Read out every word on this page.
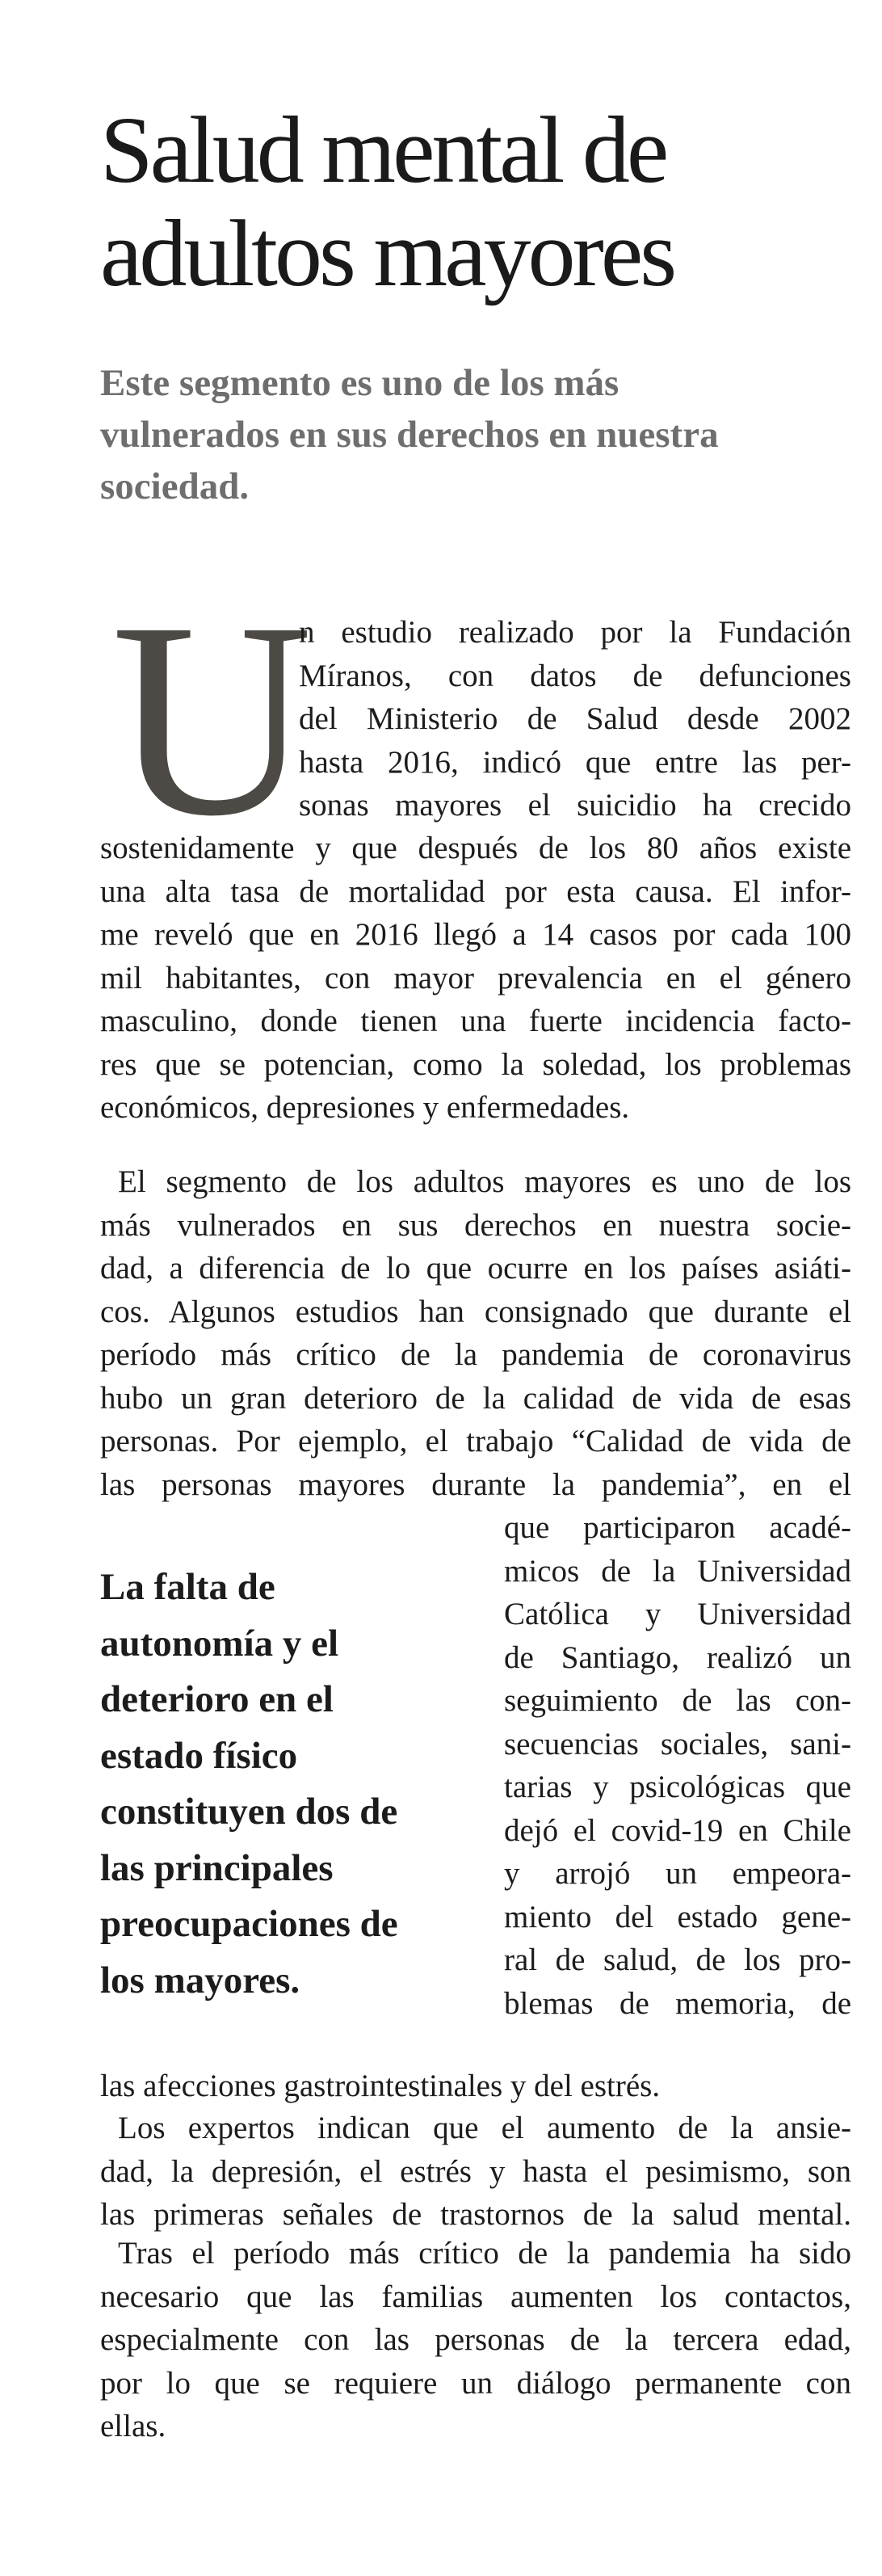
Salud mental de
adultos mayores
Este segmento es uno de los más
vulnerados en sus derechos en nuestra
sociedad.
U
n estudio realizado por la Fundación
Míranos, con datos de defunciones
del Ministerio de Salud desde 2002
hasta 2016, indicó que entre las per-
sonas mayores el suicidio ha crecido
sostenidamente y que después de los 80 años existe
una alta tasa de mortalidad por esta causa. El infor-
me reveló que en 2016 llegó a 14 casos por cada 100
mil habitantes, con mayor prevalencia en el género
masculino, donde tienen una fuerte incidencia facto-
res que se potencian, como la soledad, los problemas
económicos, depresiones y enfermedades.
El segmento de los adultos mayores es uno de los
más vulnerados en sus derechos en nuestra socie-
dad, a diferencia de lo que ocurre en los países asiáti-
cos. Algunos estudios han consignado que durante el
período más crítico de la pandemia de coronavirus
hubo un gran deterioro de la calidad de vida de esas
personas. Por ejemplo, el trabajo “Calidad de vida de
las personas mayores durante la pandemia”, en el
La falta de
autonomía y el
deterioro en el
estado físico
constituyen dos de
las principales
preocupaciones de
los mayores.
que participaron acadé-
micos de la Universidad
Católica y Universidad
de Santiago, realizó un
seguimiento de las con-
secuencias sociales, sani-
tarias y psicológicas que
dejó el covid-19 en Chile
y arrojó un empeora-
miento del estado gene-
ral de salud, de los pro-
blemas de memoria, de
las afecciones gastrointestinales y del estrés.
Los expertos indican que el aumento de la ansie-
dad, la depresión, el estrés y hasta el pesimismo, son
las primeras señales de trastornos de la salud mental.
Tras el período más crítico de la pandemia ha sido
necesario que las familias aumenten los contactos,
especialmente con las personas de la tercera edad,
por lo que se requiere un diálogo permanente con
ellas.
